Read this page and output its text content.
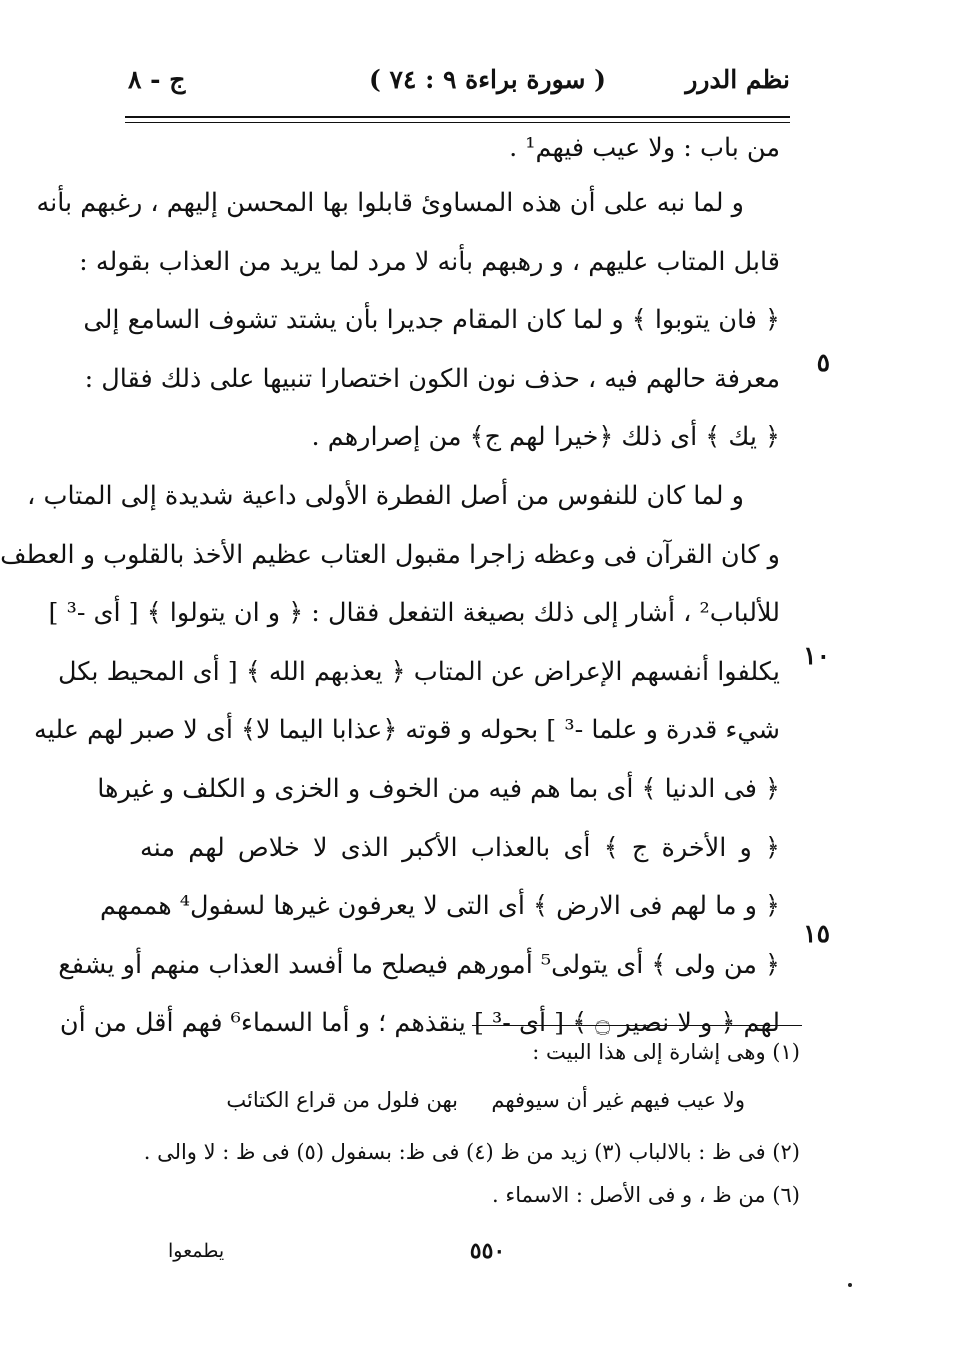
نظم الدرر
( سورة براءة ٩ : ٧٤ )
ج - ٨
من باب : ولا عيب فيهم¹ .
و لما نبه على أن هذه المساوئ قابلوا بها المحسن إليهم ، رغبهم بأنه
قابل المتاب عليهم ، و رهبهم بأنه لا مرد لما يريد من العذاب بقوله :
﴿ فان يتوبوا ﴾ و لما كان المقام جديرا بأن يشتد تشوف السامع إلى
معرفة حالهم فيه ، حذف نون الكون اختصارا تنبيها على ذلك فقال :
﴿ يك ﴾ أى ذلك ﴿خيرا لهم ج﴾ من إصرارهم .
و لما كان للنفوس من أصل الفطرة الأولى داعية شديدة إلى المتاب ،
و كان القرآن فى وعظه زاجرا مقبول العتاب عظيم الأخذ بالقلوب و العطف
للألباب² ، أشار إلى ذلك بصيغة التفعل فقال : ﴿ و ان يتولوا ﴾ [ أى -³ ]
يكلفوا أنفسهم الإعراض عن المتاب ﴿ يعذبهم الله ﴾ [ أى المحيط بكل
شيء قدرة و علما -³ ] بحوله و قوته ﴿عذابا اليما لا﴾ أى لا صبر لهم عليه
﴿ فى الدنيا ﴾ أى بما هم فيه من الخوف و الخزى و الكلف و غيرها
﴿ و الأخرة ج ﴾ أى بالعذاب الأكبر الذى لا خلاص لهم منه
﴿ و ما لهم فى الارض ﴾ أى التى لا يعرفون غيرها لسفول⁴ هممهم
﴿ من ولى ﴾ أى يتولى⁵ أمورهم فيصلح ما أفسد العذاب منهم أو يشفع
لهم ﴿ و لا نصير ۝ ﴾ [ أى -³ ] ينقذهم ؛ و أما السماء⁶ فهم أقل من أن
٥
١٠
١٥
(١) وهى إشارة إلى هذا البيت :
ولا عيب فيهم غير أن سيوفهم     بهن فلول من قراع الكتائب
(٢) فى ظ : بالالباب (٣) زيد من ظ (٤) فى ظ: بسفول (٥) فى ظ : لا والى .
(٦) من ظ ، و فى الأصل : الاسماء .
٥٥٠
يطمعوا
